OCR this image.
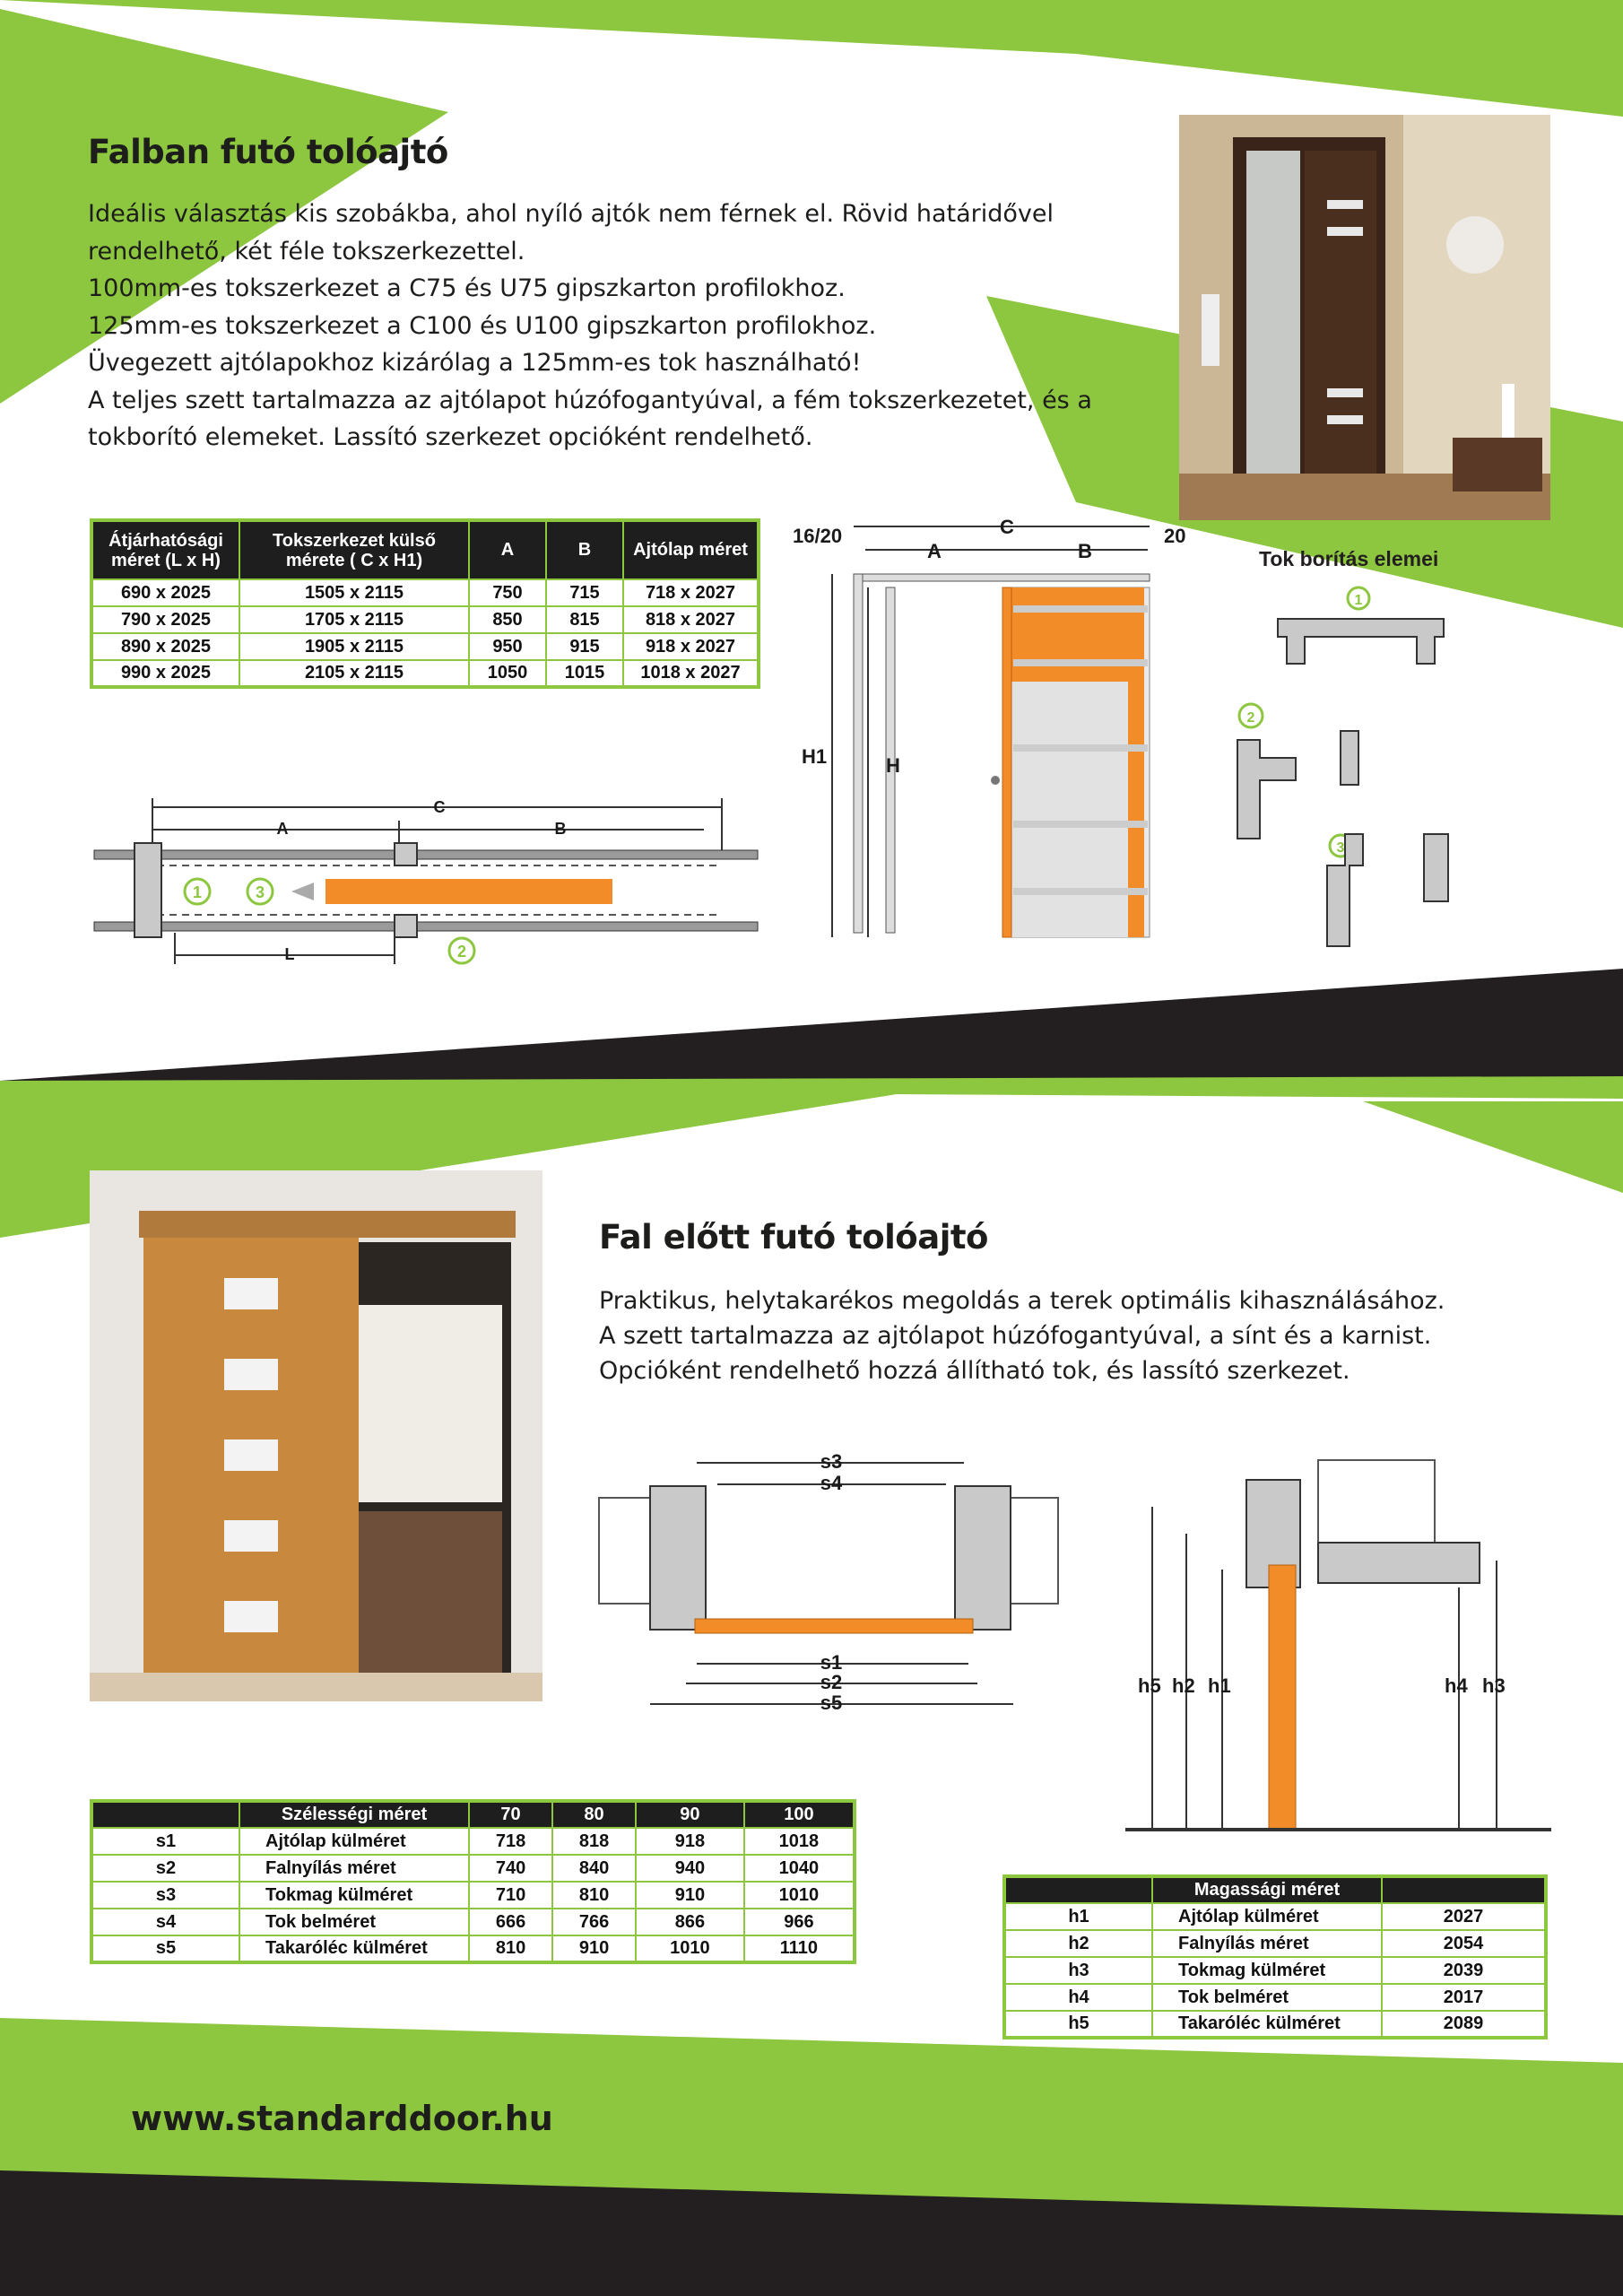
Falban futó tolóajtó
Ideális választás kis szobákba, ahol nyíló ajtók nem férnek el. Rövid határidővel
rendelhető, két féle tokszerkezettel.
100mm-es tokszerkezet a C75 és U75 gipszkarton profilokhoz.
125mm-es tokszerkezet a C100 és U100 gipszkarton profilokhoz.
Üvegezett ajtólapokhoz kizárólag a 125mm-es tok használható!
A teljes szett tartalmazza az ajtólapot húzófogantyúval, a fém tokszerkezetet, és a
tokborító elemeket. Lassító szerkezet opcióként rendelhető.
Átjárhatósági
méret (L x H)	Tokszerkezet külső
mérete ( C x H1)	A	B	Ajtólap méret
690 x 2025	1505 x 2115	750	715	718 x 2027
790 x 2025	1705 x 2115	850	815	818 x 2027
890 x 2025	1905 x 2115	950	915	918 x 2027
990 x 2025	2105 x 2115	1050	1015	1018 x 2027
A	B
C
1	3
2
L
16/20	20
C
A	B
H1	H
Tok borítás elemei
1
2
3
Fal előtt futó tolóajtó
Praktikus, helytakarékos megoldás a terek optimális kihasználásához.
A szett tartalmazza az ajtólapot húzófogantyúval, a sínt és a karnist.
Opcióként rendelhető hozzá állítható tok, és lassító szerkezet.
s3
s4
s1
s2
s5
h5 h2 h1	h4 h3
	Szélességi méret	70	80	90	100
s1	Ajtólap külméret	718	818	918	1018
s2	Falnyílás méret	740	840	940	1040
s3	Tokmag külméret	710	810	910	1010
s4	Tok belméret	666	766	866	966
s5	Takaróléc külméret	810	910	1010	1110
	Magassági méret	
h1	Ajtólap külméret	2027
h2	Falnyílás méret	2054
h3	Tokmag külméret	2039
h4	Tok belméret	2017
h5	Takaróléc külméret	2089
www.standarddoor.hu
